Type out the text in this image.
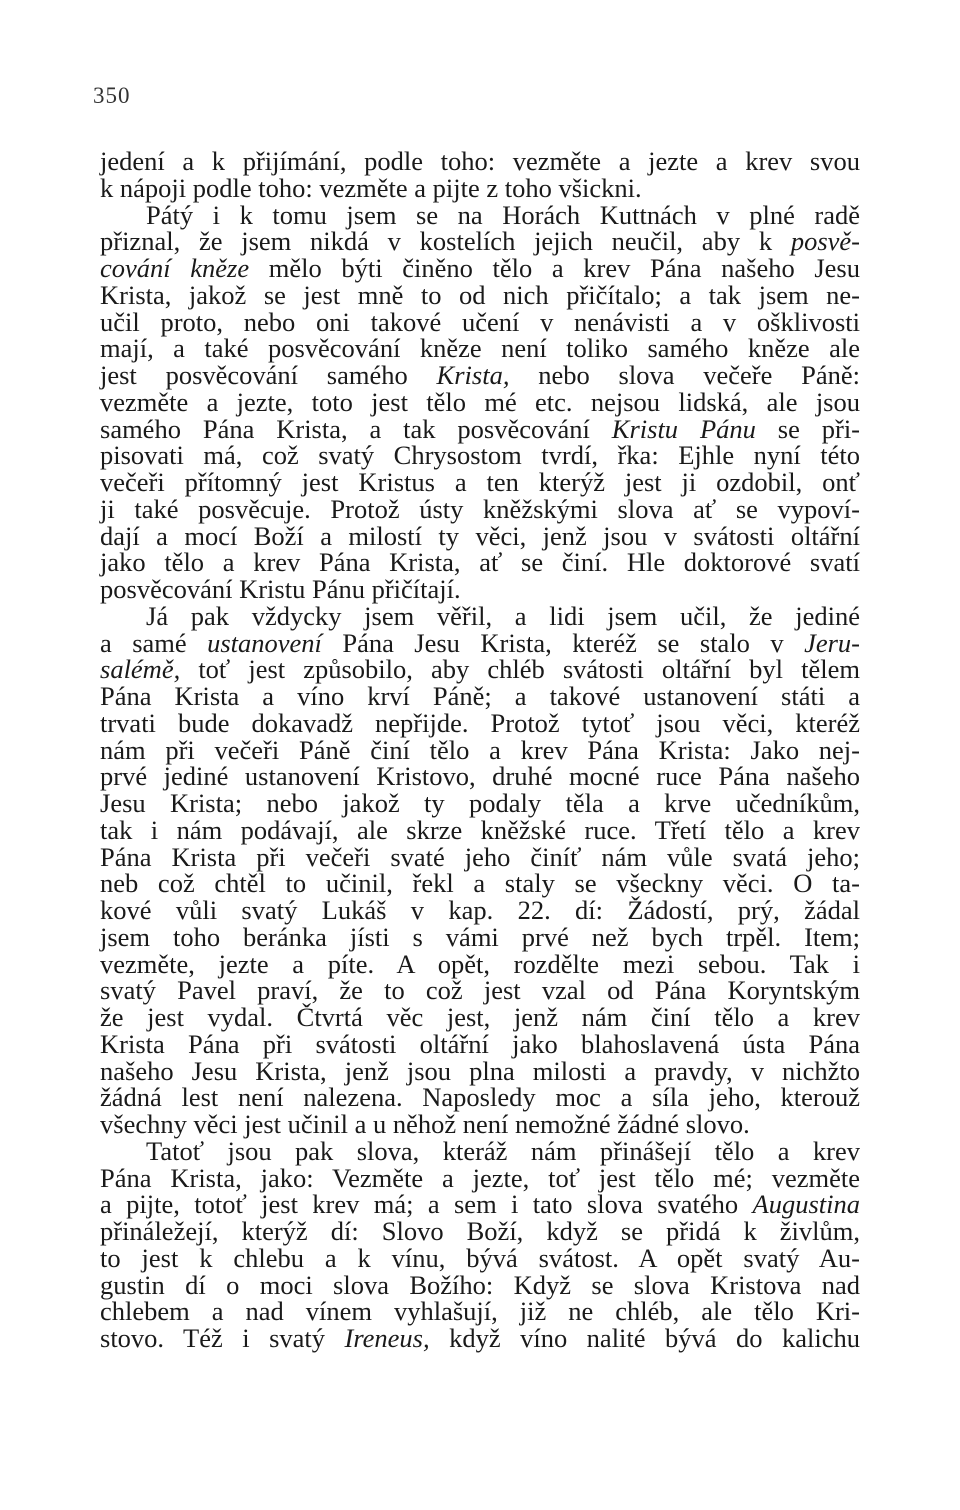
350
jedení a k přijímání, podle toho: vezměte a jezte a krev svou
k nápoji podle toho: vezměte a pijte z toho všickni.
Pátý i k tomu jsem se na Horách Kuttnách v plné radě
přiznal, že jsem nikdá v kostelích jejich neučil, aby k posvě-
cování kněze mělo býti činěno tělo a krev Pána našeho Jesu
Krista, jakož se jest mně to od nich přičítalo; a tak jsem ne-
učil proto, nebo oni takové učení v nenávisti a v ošklivosti
mají, a také posvěcování kněze není toliko samého kněze ale
jest posvěcování samého Krista, nebo slova večeře Páně:
vezměte a jezte, toto jest tělo mé etc. nejsou lidská, ale jsou
samého Pána Krista, a tak posvěcování Kristu Pánu se při-
pisovati má, což svatý Chrysostom tvrdí, řka: Ejhle nyní této
večeři přítomný jest Kristus a ten kterýž jest ji ozdobil, onť
ji také posvěcuje. Protož ústy kněžskými slova ať se vypoví-
dají a mocí Boží a milostí ty věci, jenž jsou v svátosti oltářní
jako tělo a krev Pána Krista, ať se činí. Hle doktorové svatí
posvěcování Kristu Pánu přičítají.
Já pak vždycky jsem věřil, a lidi jsem učil, že jediné
a samé ustanovení Pána Jesu Krista, kteréž se stalo v Jeru-
salémě, toť jest způsobilo, aby chléb svátosti oltářní byl tělem
Pána Krista a víno krví Páně; a takové ustanovení státi a
trvati bude dokavadž nepřijde. Protož tytoť jsou věci, kteréž
nám při večeři Páně činí tělo a krev Pána Krista: Jako nej-
prvé jediné ustanovení Kristovo, druhé mocné ruce Pána našeho
Jesu Krista; nebo jakož ty podaly těla a krve učedníkům,
tak i nám podávají, ale skrze kněžské ruce. Třetí tělo a krev
Pána Krista při večeři svaté jeho činíť nám vůle svatá jeho;
neb což chtěl to učinil, řekl a staly se všeckny věci. O ta-
kové vůli svatý Lukáš v kap. 22. dí: Žádostí, prý, žádal
jsem toho beránka jísti s vámi prvé než bych trpěl. Item;
vezměte, jezte a píte. A opět, rozdělte mezi sebou. Tak i
svatý Pavel praví, že to což jest vzal od Pána Koryntským
že jest vydal. Čtvrtá věc jest, jenž nám činí tělo a krev
Krista Pána při svátosti oltářní jako blahoslavená ústa Pána
našeho Jesu Krista, jenž jsou plna milosti a pravdy, v nichžto
žádná lest není nalezena. Naposledy moc a síla jeho, kterouž
všechny věci jest učinil a u něhož není nemožné žádné slovo.
Tatoť jsou pak slova, kteráž nám přinášejí tělo a krev
Pána Krista, jako: Vezměte a jezte, toť jest tělo mé; vezměte
a pijte, totoť jest krev má; a sem i tato slova svatého Augustina
přináležejí, kterýž dí: Slovo Boží, když se přidá k živlům,
to jest k chlebu a k vínu, bývá svátost. A opět svatý Au-
gustin dí o moci slova Božího: Když se slova Kristova nad
chlebem a nad vínem vyhlašují, již ne chléb, ale tělo Kri-
stovo. Též i svatý Ireneus, když víno nalité bývá do kalichu
